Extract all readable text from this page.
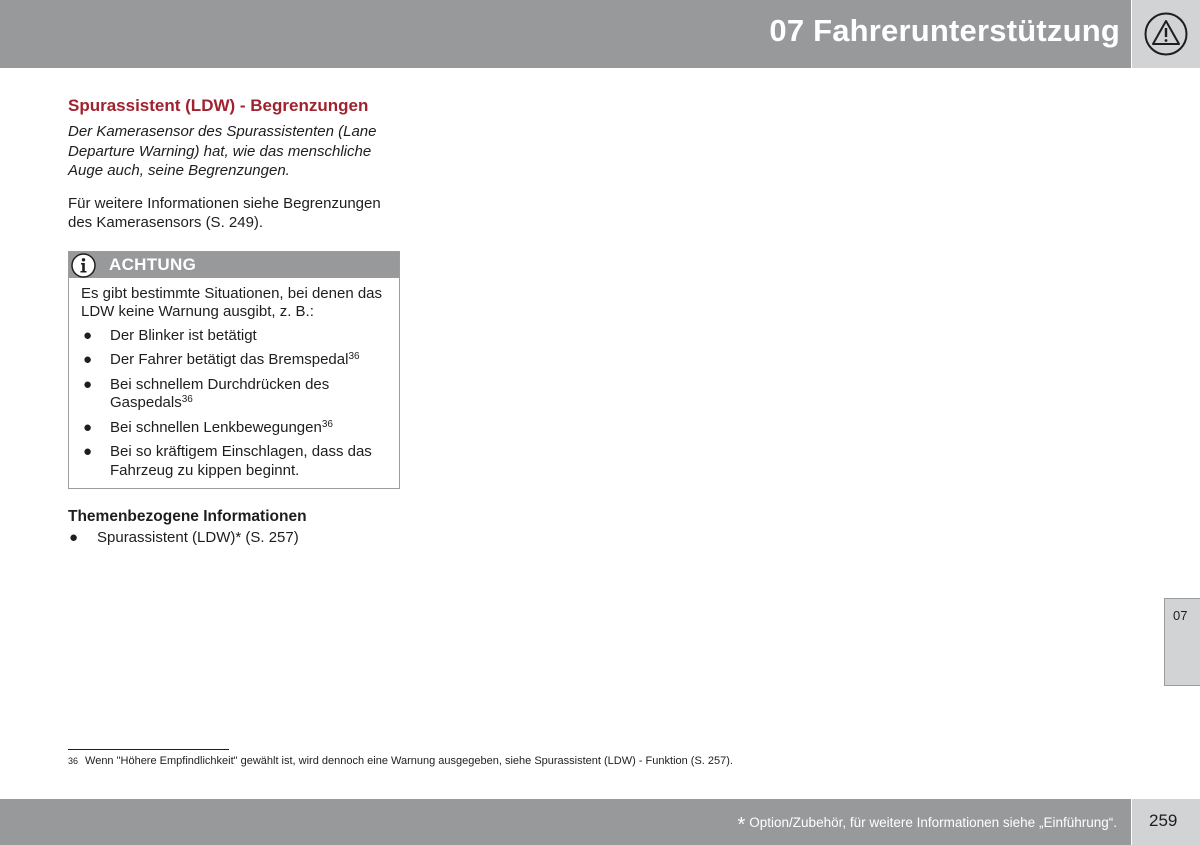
07 Fahrerunterstützung
Spurassistent (LDW) - Begrenzungen

Der Kamerasensor des Spurassistenten (Lane Departure Warning) hat, wie das menschliche Auge auch, seine Begrenzungen.

Für weitere Informationen siehe Begrenzungen des Kamerasensors (S. 249).

ACHTUNG

Es gibt bestimmte Situationen, bei denen das LDW keine Warnung ausgibt, z. B.:

● Der Blinker ist betätigt
● Der Fahrer betätigt das Bremspedal$^{36}$
● Bei schnellem Durchdrücken des Gaspedals$^{36}$
● Bei schnellen Lenkbewegungen$^{36}$
● Bei so kräftigem Einschlagen, dass das Fahrzeug zu kippen beginnt.
Themenbezogene Informationen
● Spurassistent (LDW)* (S. 257)
07
36 Wenn "Höhere Empfindlichkeit" gewählt ist, wird dennoch eine Warnung ausgegeben, siehe Spurassistent (LDW) - Funktion (S. 257).
* Option/Zubehör, für weitere Informationen siehe „Einführung“. 259
